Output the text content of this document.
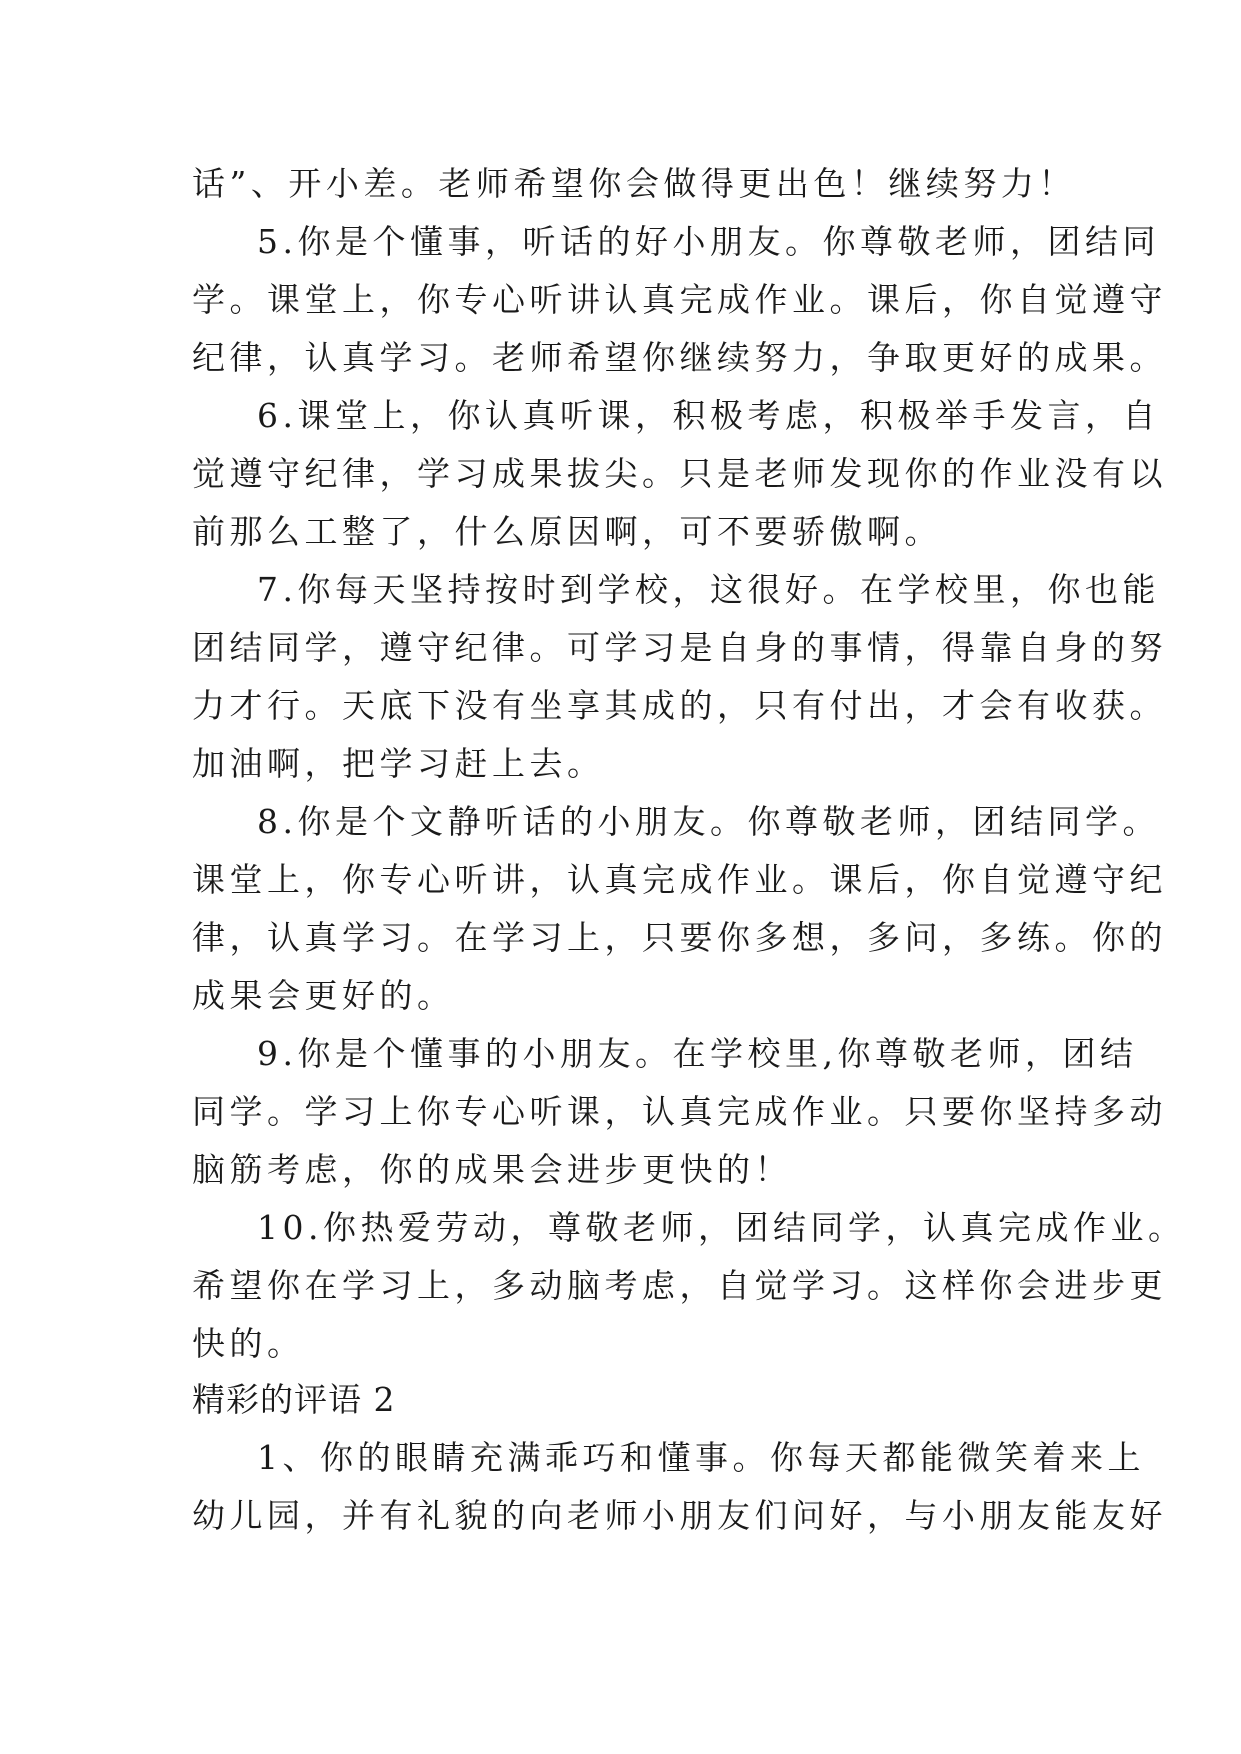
话”、开小差。老师希望你会做得更出色！继续努力！
5.你是个懂事，听话的好小朋友。你尊敬老师，团结同
学。课堂上，你专心听讲认真完成作业。课后，你自觉遵守
纪律，认真学习。老师希望你继续努力，争取更好的成果。
6.课堂上，你认真听课，积极考虑，积极举手发言，自
觉遵守纪律，学习成果拔尖。只是老师发现你的作业没有以
前那么工整了，什么原因啊，可不要骄傲啊。
7.你每天坚持按时到学校，这很好。在学校里，你也能
团结同学，遵守纪律。可学习是自身的事情，得靠自身的努
力才行。天底下没有坐享其成的，只有付出，才会有收获。
加油啊，把学习赶上去。
8.你是个文静听话的小朋友。你尊敬老师，团结同学。
课堂上，你专心听讲，认真完成作业。课后，你自觉遵守纪
律，认真学习。在学习上，只要你多想，多问，多练。你的
成果会更好的。
9.你是个懂事的小朋友。在学校里,你尊敬老师，团结
同学。学习上你专心听课，认真完成作业。只要你坚持多动
脑筋考虑，你的成果会进步更快的！
10.你热爱劳动，尊敬老师，团结同学，认真完成作业。
希望你在学习上，多动脑考虑，自觉学习。这样你会进步更
快的。
精彩的评语 2
1、你的眼睛充满乖巧和懂事。你每天都能微笑着来上
幼儿园，并有礼貌的向老师小朋友们问好，与小朋友能友好
